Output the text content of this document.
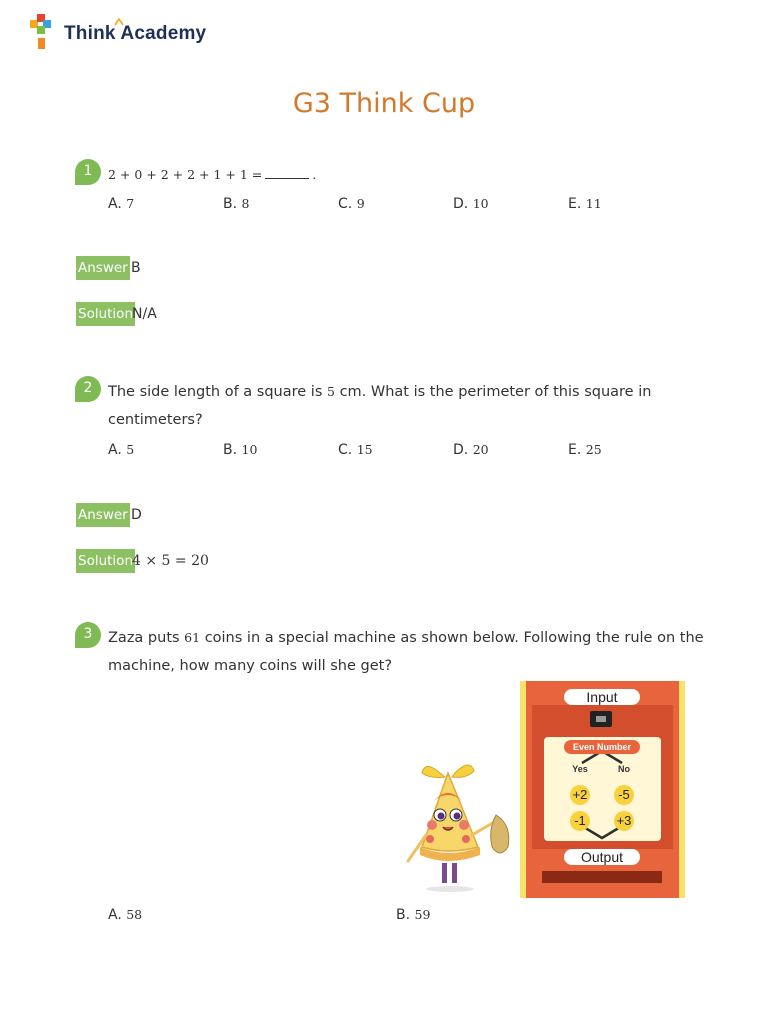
Think Academy
G3 Think Cup
1	2 + 0 + 2 + 2 + 1 + 1 =	.
A. 7	B. 8	C. 9	D. 10	E. 11
Answer B
Solution N/A
2	The side length of a square is 5 cm. What is the perimeter of this square in
centimeters?
A. 5	B. 10	C. 15	D. 20	E. 25
Answer D
Solution 4 × 5 = 20
3	Zaza puts 61 coins in a special machine as shown below. Following the rule on the
machine, how many coins will she get?
Input
Even Number
Yes	No
+2	-5
-1	+3
Output
A. 58	B. 59
